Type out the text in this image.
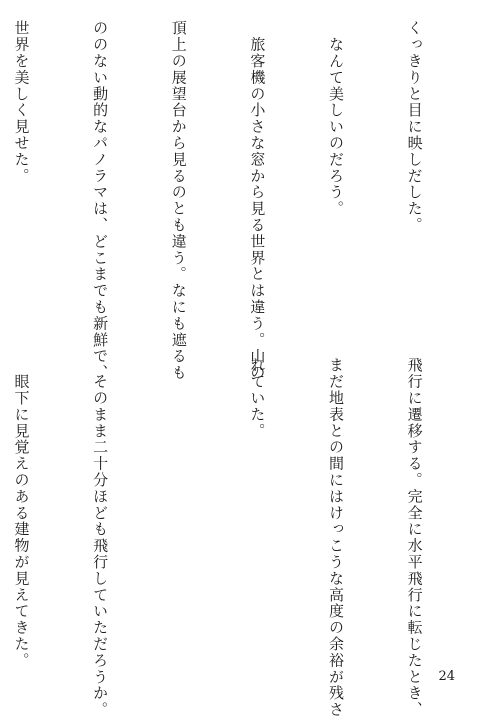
くっきりと目に映しだした。

　なんて美しいのだろう。

　旅客機の小さな窓から見る世界とは違う。山の

頂上の展望台から見るのとも違う。なにも遮るも

ののない動的なパノラマは、どこまでも新鮮で、

世界を美しく見せた。

飛行に遷移する。完全に水平飛行に転じたとき、

まだ地表との間にはけっこうな高度の余裕が残さ

れていた。

　そのまま二十分ほども飛行していただろうか。

　眼下に見覚えのある建物が見えてきた。

24
